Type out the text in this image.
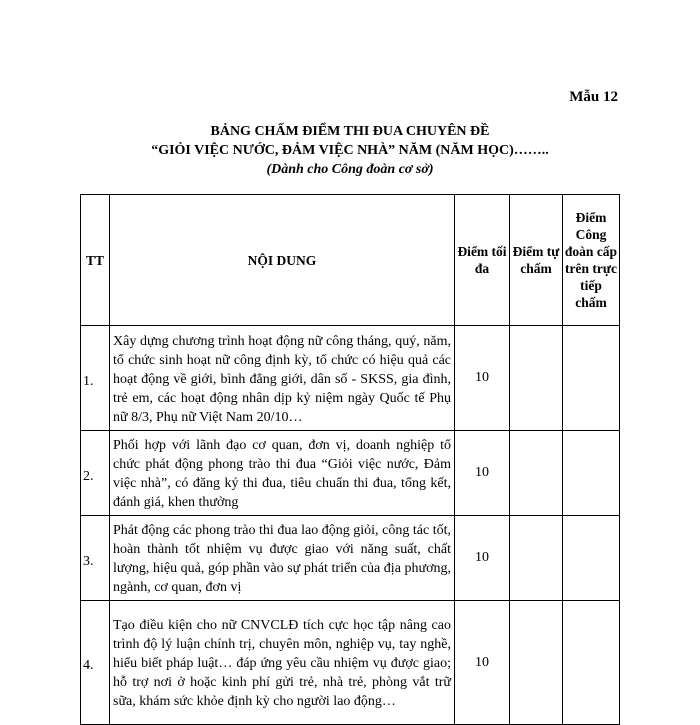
Mẫu 12
BẢNG CHẤM ĐIỂM THI ĐUA CHUYÊN ĐỀ
“GIỎI VIỆC NƯỚC, ĐẢM VIỆC NHÀ” NĂM (NĂM HỌC)……..
(Dành cho Công đoàn cơ sở)
TT	NỘI DUNG	Điểm tối đa	Điểm tự chấm	Điểm Công đoàn cấp trên trực tiếp chấm
1.	Xây dựng chương trình hoạt động nữ công tháng, quý, năm, tổ chức sinh hoạt nữ công định kỳ, tổ chức có hiệu quả các hoạt động về giới, bình đẳng giới, dân số - SKSS, gia đình, trẻ em, các hoạt động nhân dịp kỷ niệm ngày Quốc tế Phụ nữ 8/3, Phụ nữ Việt Nam 20/10…	10		
2.	Phối hợp với lãnh đạo cơ quan, đơn vị, doanh nghiệp tổ chức phát động phong trào thi đua “Giỏi việc nước, Đảm việc nhà”, có đăng ký thi đua, tiêu chuẩn thi đua, tổng kết, đánh giá, khen thưởng	10		
3.	Phát động các phong trào thi đua lao động giỏi, công tác tốt, hoàn thành tốt nhiệm vụ được giao với năng suất, chất lượng, hiệu quả, góp phần vào sự phát triển của địa phương, ngành, cơ quan, đơn vị	10		
4.	Tạo điều kiện cho nữ CNVCLĐ tích cực học tập nâng cao trình độ lý luận chính trị, chuyên môn, nghiệp vụ, tay nghề, hiểu biết pháp luật… đáp ứng yêu cầu nhiệm vụ được giao; hỗ trợ nơi ở hoặc kinh phí gửi trẻ, nhà trẻ, phòng vắt trữ sữa, khám sức khỏe định kỳ cho người lao động…	10		
